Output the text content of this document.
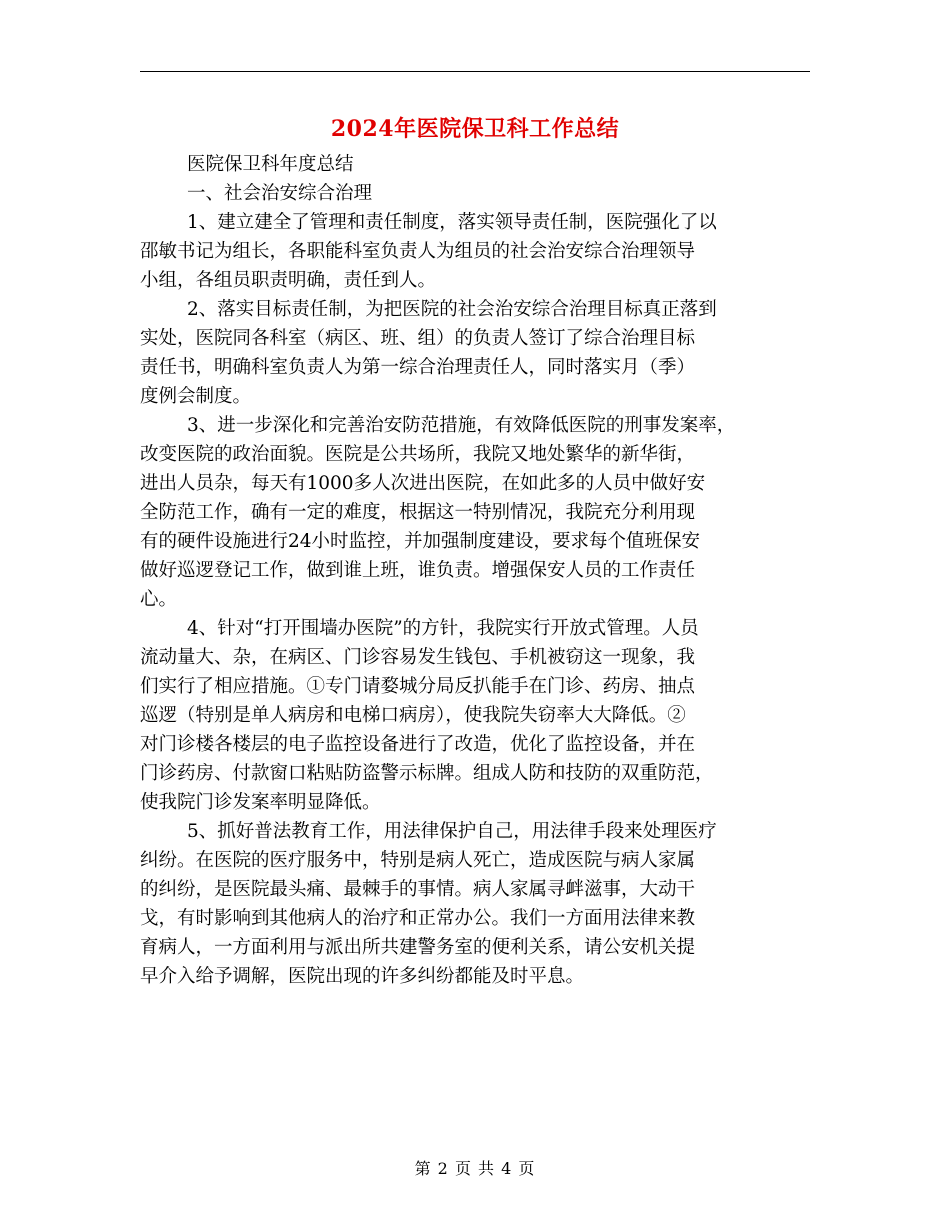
2024年医院保卫科工作总结
医院保卫科年度总结
一、社会治安综合治理
1、建立建全了管理和责任制度，落实领导责任制，医院强化了以
邵敏书记为组长，各职能科室负责人为组员的社会治安综合治理领导
小组，各组员职责明确，责任到人。
2、落实目标责任制，为把医院的社会治安综合治理目标真正落到
实处，医院同各科室（病区、班、组）的负责人签订了综合治理目标
责任书，明确科室负责人为第一综合治理责任人，同时落实月（季）
度例会制度。
3、进一步深化和完善治安防范措施，有效降低医院的刑事发案率，
改变医院的政治面貌。医院是公共场所，我院又地处繁华的新华街，
进出人员杂，每天有1000多人次进出医院，在如此多的人员中做好安
全防范工作，确有一定的难度，根据这一特别情况，我院充分利用现
有的硬件设施进行24小时监控，并加强制度建设，要求每个值班保安
做好巡逻登记工作，做到谁上班，谁负责。增强保安人员的工作责任
心。
4、针对“打开围墙办医院”的方针，我院实行开放式管理。人员
流动量大、杂，在病区、门诊容易发生钱包、手机被窃这一现象，我
们实行了相应措施。①专门请婺城分局反扒能手在门诊、药房、抽点
巡逻（特别是单人病房和电梯口病房），使我院失窃率大大降低。②
对门诊楼各楼层的电子监控设备进行了改造，优化了监控设备，并在
门诊药房、付款窗口粘贴防盗警示标牌。组成人防和技防的双重防范，
使我院门诊发案率明显降低。
5、抓好普法教育工作，用法律保护自己，用法律手段来处理医疗
纠纷。在医院的医疗服务中，特别是病人死亡，造成医院与病人家属
的纠纷，是医院最头痛、最棘手的事情。病人家属寻衅滋事，大动干
戈，有时影响到其他病人的治疗和正常办公。我们一方面用法律来教
育病人，一方面利用与派出所共建警务室的便利关系，请公安机关提
早介入给予调解，医院出现的许多纠纷都能及时平息。
第 2 页 共 4 页
